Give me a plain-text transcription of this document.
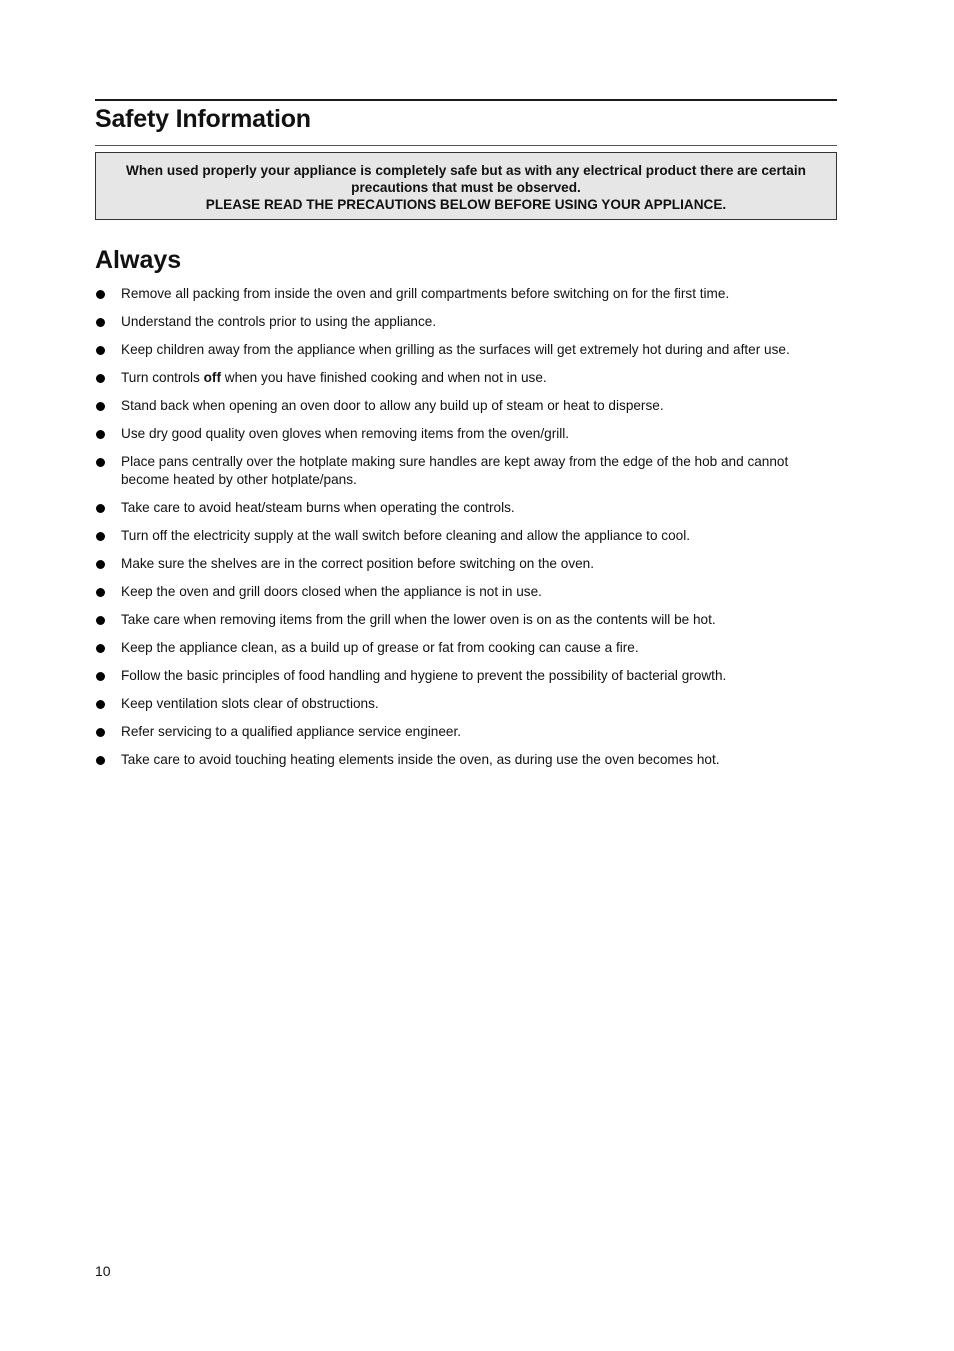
Safety Information
When used properly your appliance is completely safe but as with any electrical product there are certain
precautions that must be observed.
PLEASE READ THE PRECAUTIONS BELOW BEFORE USING YOUR APPLIANCE.
Always
Remove all packing from inside the oven and grill compartments before switching on for the first time.
Understand the controls prior to using the appliance.
Keep children away from the appliance when grilling as the surfaces will get extremely hot during and after use.
Turn controls off when you have finished cooking and when not in use.
Stand back when opening an oven door to allow any build up of steam or heat to disperse.
Use dry good quality oven gloves when removing items from the oven/grill.
Place pans centrally over the hotplate making sure handles are kept away from the edge of the hob and cannot become heated by other hotplate/pans.
Take care to avoid heat/steam burns when operating the controls.
Turn off the electricity supply at the wall switch before cleaning and allow the appliance to cool.
Make sure the shelves are in the correct position before switching on the oven.
Keep the oven and grill doors closed when the appliance is not in use.
Take care when removing items from the grill when the lower oven is on as the contents will be hot.
Keep the appliance clean, as a build up of grease or fat from cooking can cause a fire.
Follow the basic principles of food handling and hygiene to prevent the possibility of bacterial growth.
Keep ventilation slots clear of obstructions.
Refer servicing to a qualified appliance service engineer.
Take care to avoid touching heating elements inside the oven, as during use the oven becomes hot.
10
